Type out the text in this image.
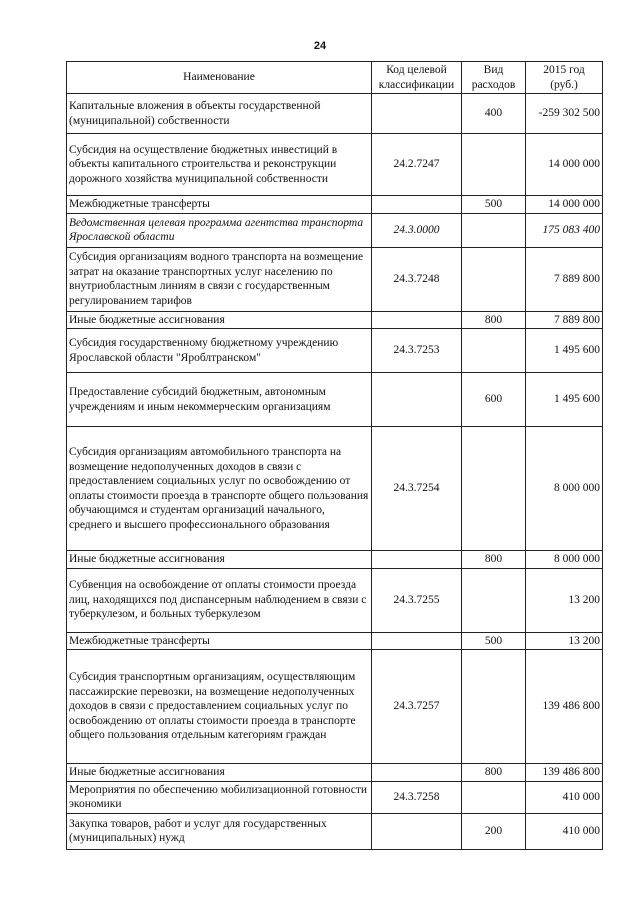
24
Наименование	Код целевой классификации	Вид расходов	2015 год (руб.)
Капитальные вложения в объекты государственной (муниципальной) собственности		400	-259 302 500
Субсидия на осуществление бюджетных инвестиций в объекты капитального строительства и реконструкции дорожного хозяйства муниципальной собственности	24.2.7247		14 000 000
Межбюджетные трансферты		500	14 000 000
Ведомственная целевая программа агентства транспорта Ярославской области	24.3.0000		175 083 400
Субсидия организациям водного транспорта на возмещение затрат на оказание транспортных услуг населению по внутриобластным линиям в связи с государственным регулированием тарифов	24.3.7248		7 889 800
Иные бюджетные ассигнования		800	7 889 800
Субсидия государственному бюджетному учреждению Ярославской области "Яроблтранском"	24.3.7253		1 495 600
Предоставление субсидий бюджетным, автономным учреждениям и иным некоммерческим организациям		600	1 495 600
Субсидия организациям автомобильного транспорта на возмещение недополученных доходов в связи с предоставлением социальных услуг по освобождению от оплаты стоимости проезда в транспорте общего пользования обучающимся и студентам организаций начального, среднего и высшего профессионального образования	24.3.7254		8 000 000
Иные бюджетные ассигнования		800	8 000 000
Субвенция на освобождение от оплаты стоимости проезда лиц, находящихся под диспансерным наблюдением в связи с туберкулезом, и больных туберкулезом	24.3.7255		13 200
Межбюджетные трансферты		500	13 200
Субсидия транспортным организациям, осуществляющим пассажирские перевозки, на возмещение недополученных доходов в связи с предоставлением социальных услуг по освобождению от оплаты стоимости проезда в транспорте общего пользования отдельным категориям граждан	24.3.7257		139 486 800
Иные бюджетные ассигнования		800	139 486 800
Мероприятия по обеспечению мобилизационной готовности экономики	24.3.7258		410 000
Закупка товаров, работ и услуг для государственных (муниципальных) нужд		200	410 000
